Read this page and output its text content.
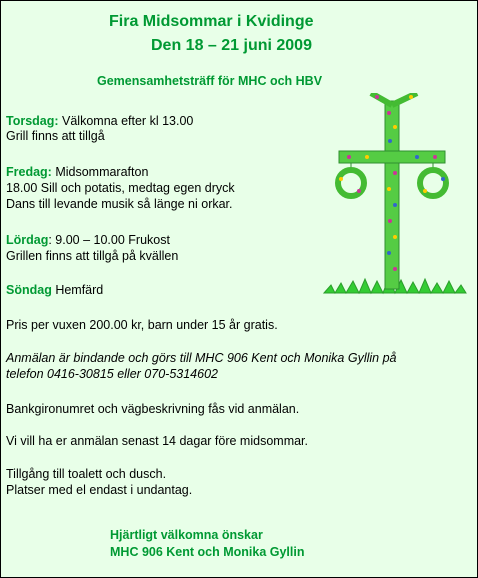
Fira Midsommar i Kvidinge
Den 18 – 21 juni 2009
Gemensamhetsträff för MHC och HBV
Torsdag: Välkomna efter kl 13.00
Grill finns att tillgå
Fredag: Midsommarafton
18.00 Sill och potatis, medtag egen dryck
Dans till levande musik så länge ni orkar.
Lördag: 9.00 – 10.00 Frukost
Grillen finns att tillgå på kvällen
Söndag Hemfärd
Pris per vuxen 200.00 kr, barn under 15 år gratis.
Anmälan är bindande och görs till MHC 906 Kent och Monika Gyllin på
telefon 0416-30815 eller 070-5314602
Bankgironumret och vägbeskrivning fås vid anmälan.
Vi vill ha er anmälan senast 14 dagar före midsommar.
Tillgång till toalett och dusch.
Platser med el endast i undantag.
Hjärtligt välkomna önskar
MHC 906 Kent och Monika Gyllin
